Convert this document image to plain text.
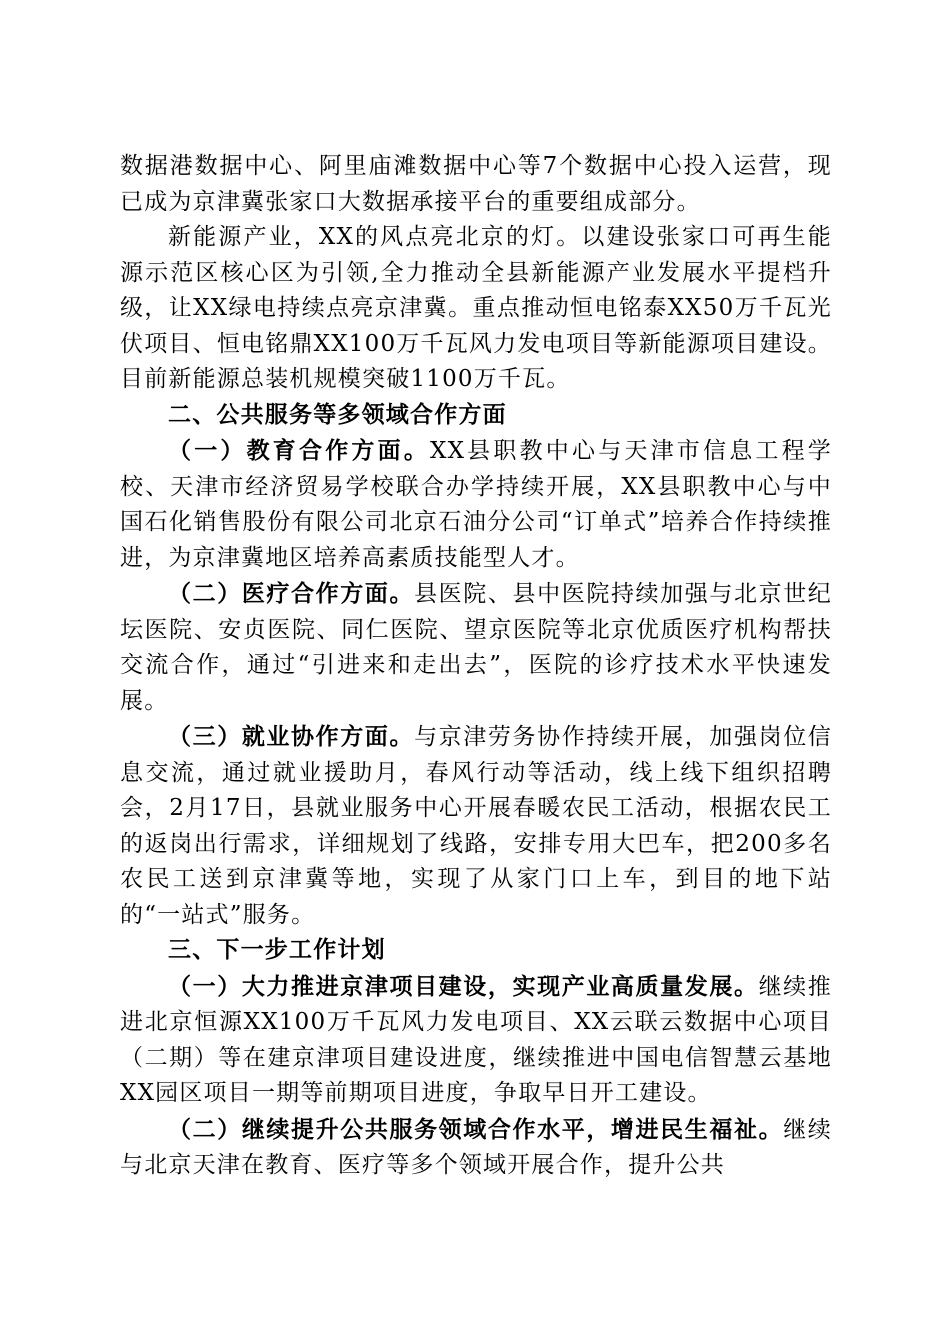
数据港数据中心、阿里庙滩数据中心等7个数据中心投入运营，现已成为京津冀张家口大数据承接平台的重要组成部分。

新能源产业，XX的风点亮北京的灯。以建设张家口可再生能源示范区核心区为引领,全力推动全县新能源产业发展水平提档升级，让XX绿电持续点亮京津冀。重点推动恒电铭泰XX50万千瓦光伏项目、恒电铭鼎XX100万千瓦风力发电项目等新能源项目建设。目前新能源总装机规模突破1100万千瓦。

二、公共服务等多领域合作方面

（一）教育合作方面。XX县职教中心与天津市信息工程学校、天津市经济贸易学校联合办学持续开展，XX县职教中心与中国石化销售股份有限公司北京石油分公司“订单式”培养合作持续推进，为京津冀地区培养高素质技能型人才。

（二）医疗合作方面。县医院、县中医院持续加强与北京世纪坛医院、安贞医院、同仁医院、望京医院等北京优质医疗机构帮扶交流合作，通过“引进来和走出去”，医院的诊疗技术水平快速发展。

（三）就业协作方面。与京津劳务协作持续开展，加强岗位信息交流，通过就业援助月，春风行动等活动，线上线下组织招聘会，2月17日，县就业服务中心开展春暖农民工活动，根据农民工的返岗出行需求，详细规划了线路，安排专用大巴车，把200多名农民工送到京津冀等地，实现了从家门口上车，到目的地下站的“一站式”服务。

三、下一步工作计划

（一）大力推进京津项目建设，实现产业高质量发展。继续推进北京恒源XX100万千瓦风力发电项目、XX云联云数据中心项目（二期）等在建京津项目建设进度，继续推进中国电信智慧云基地XX园区项目一期等前期项目进度，争取早日开工建设。

（二）继续提升公共服务领域合作水平，增进民生福祉。继续与北京天津在教育、医疗等多个领域开展合作，提升公共
